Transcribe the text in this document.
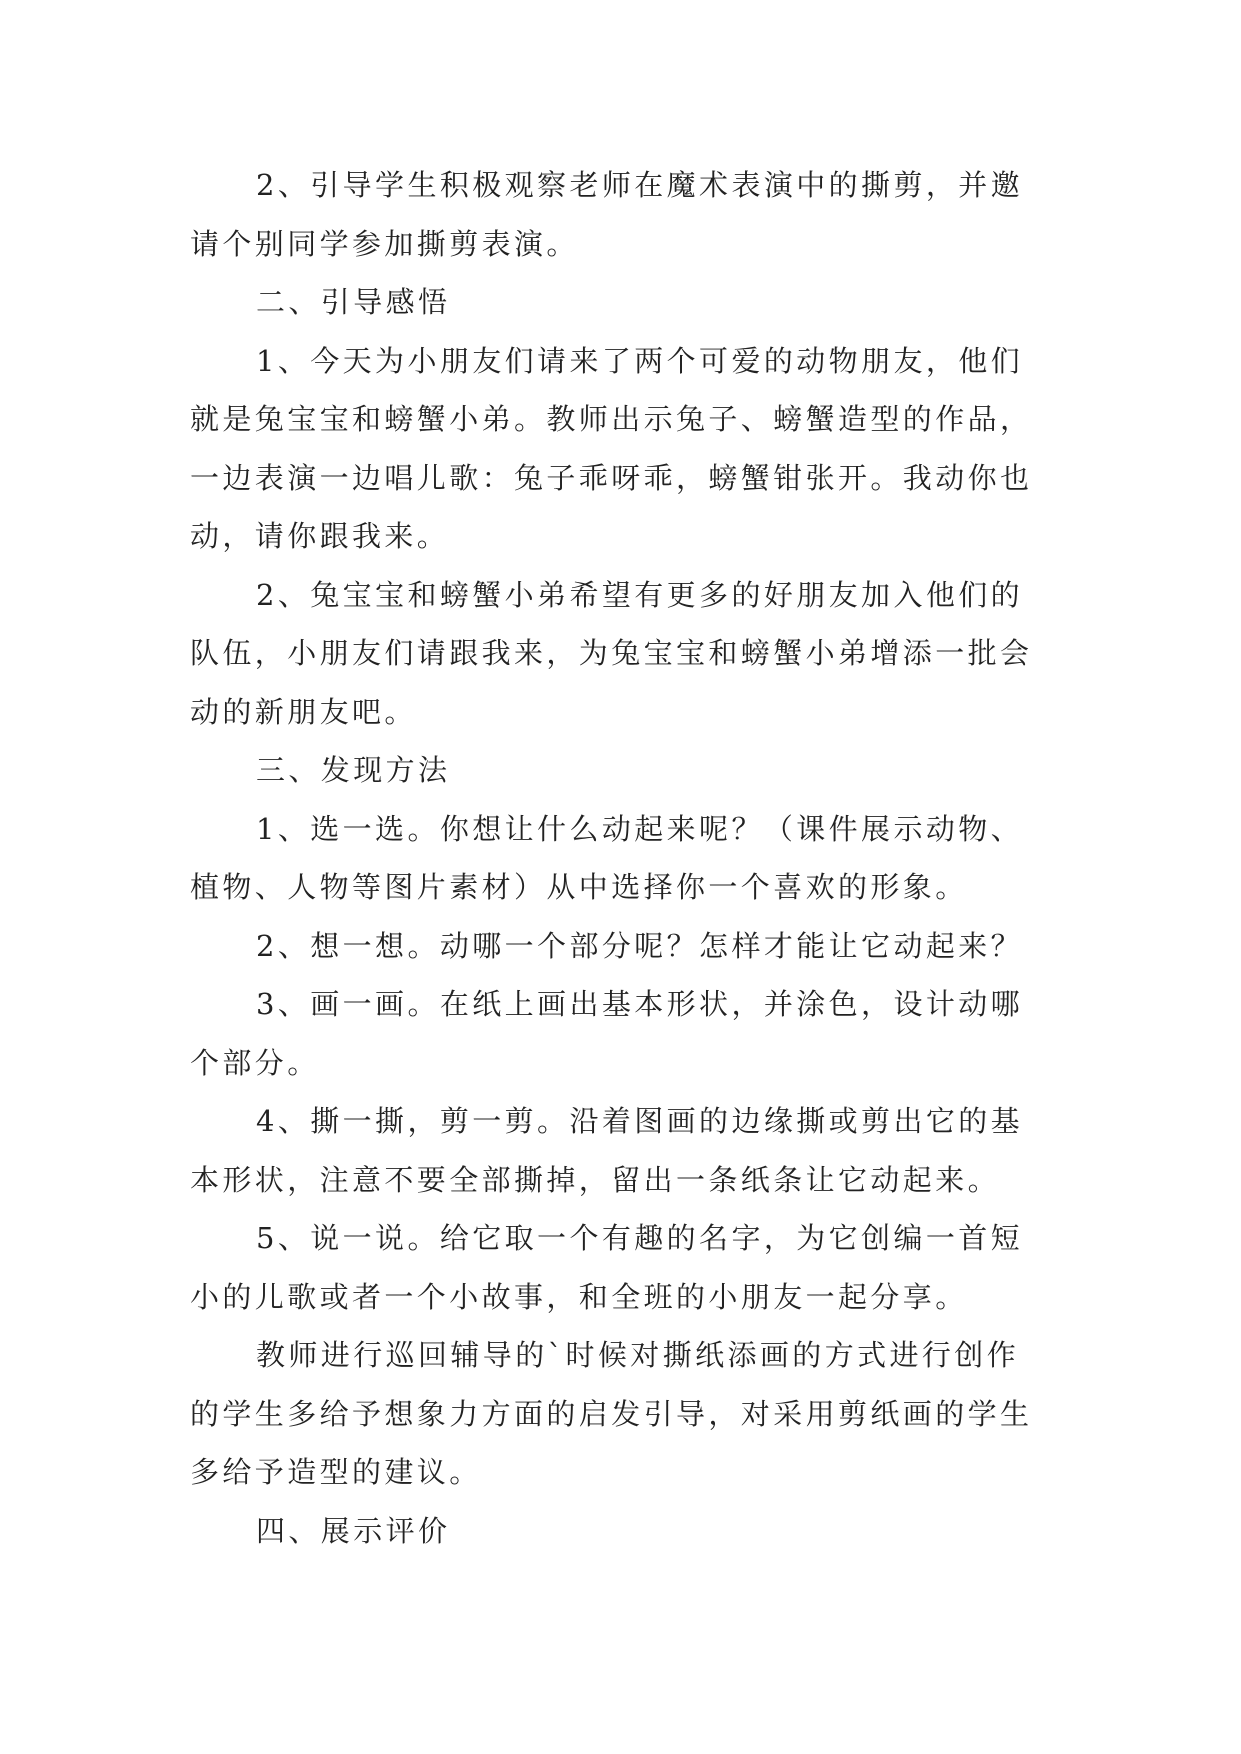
2、引导学生积极观察老师在魔术表演中的撕剪，并邀
请个别同学参加撕剪表演。
二、引导感悟
1、今天为小朋友们请来了两个可爱的动物朋友，他们
就是兔宝宝和螃蟹小弟。教师出示兔子、螃蟹造型的作品，
一边表演一边唱儿歌：兔子乖呀乖，螃蟹钳张开。我动你也
动，请你跟我来。
2、兔宝宝和螃蟹小弟希望有更多的好朋友加入他们的
队伍，小朋友们请跟我来，为兔宝宝和螃蟹小弟增添一批会
动的新朋友吧。
三、发现方法
1、选一选。你想让什么动起来呢？（课件展示动物、
植物、人物等图片素材）从中选择你一个喜欢的形象。
2、想一想。动哪一个部分呢？怎样才能让它动起来？
3、画一画。在纸上画出基本形状，并涂色，设计动哪
个部分。
4、撕一撕，剪一剪。沿着图画的边缘撕或剪出它的基
本形状，注意不要全部撕掉，留出一条纸条让它动起来。
5、说一说。给它取一个有趣的名字，为它创编一首短
小的儿歌或者一个小故事，和全班的小朋友一起分享。
教师进行巡回辅导的`时候对撕纸添画的方式进行创作
的学生多给予想象力方面的启发引导，对采用剪纸画的学生
多给予造型的建议。
四、展示评价
